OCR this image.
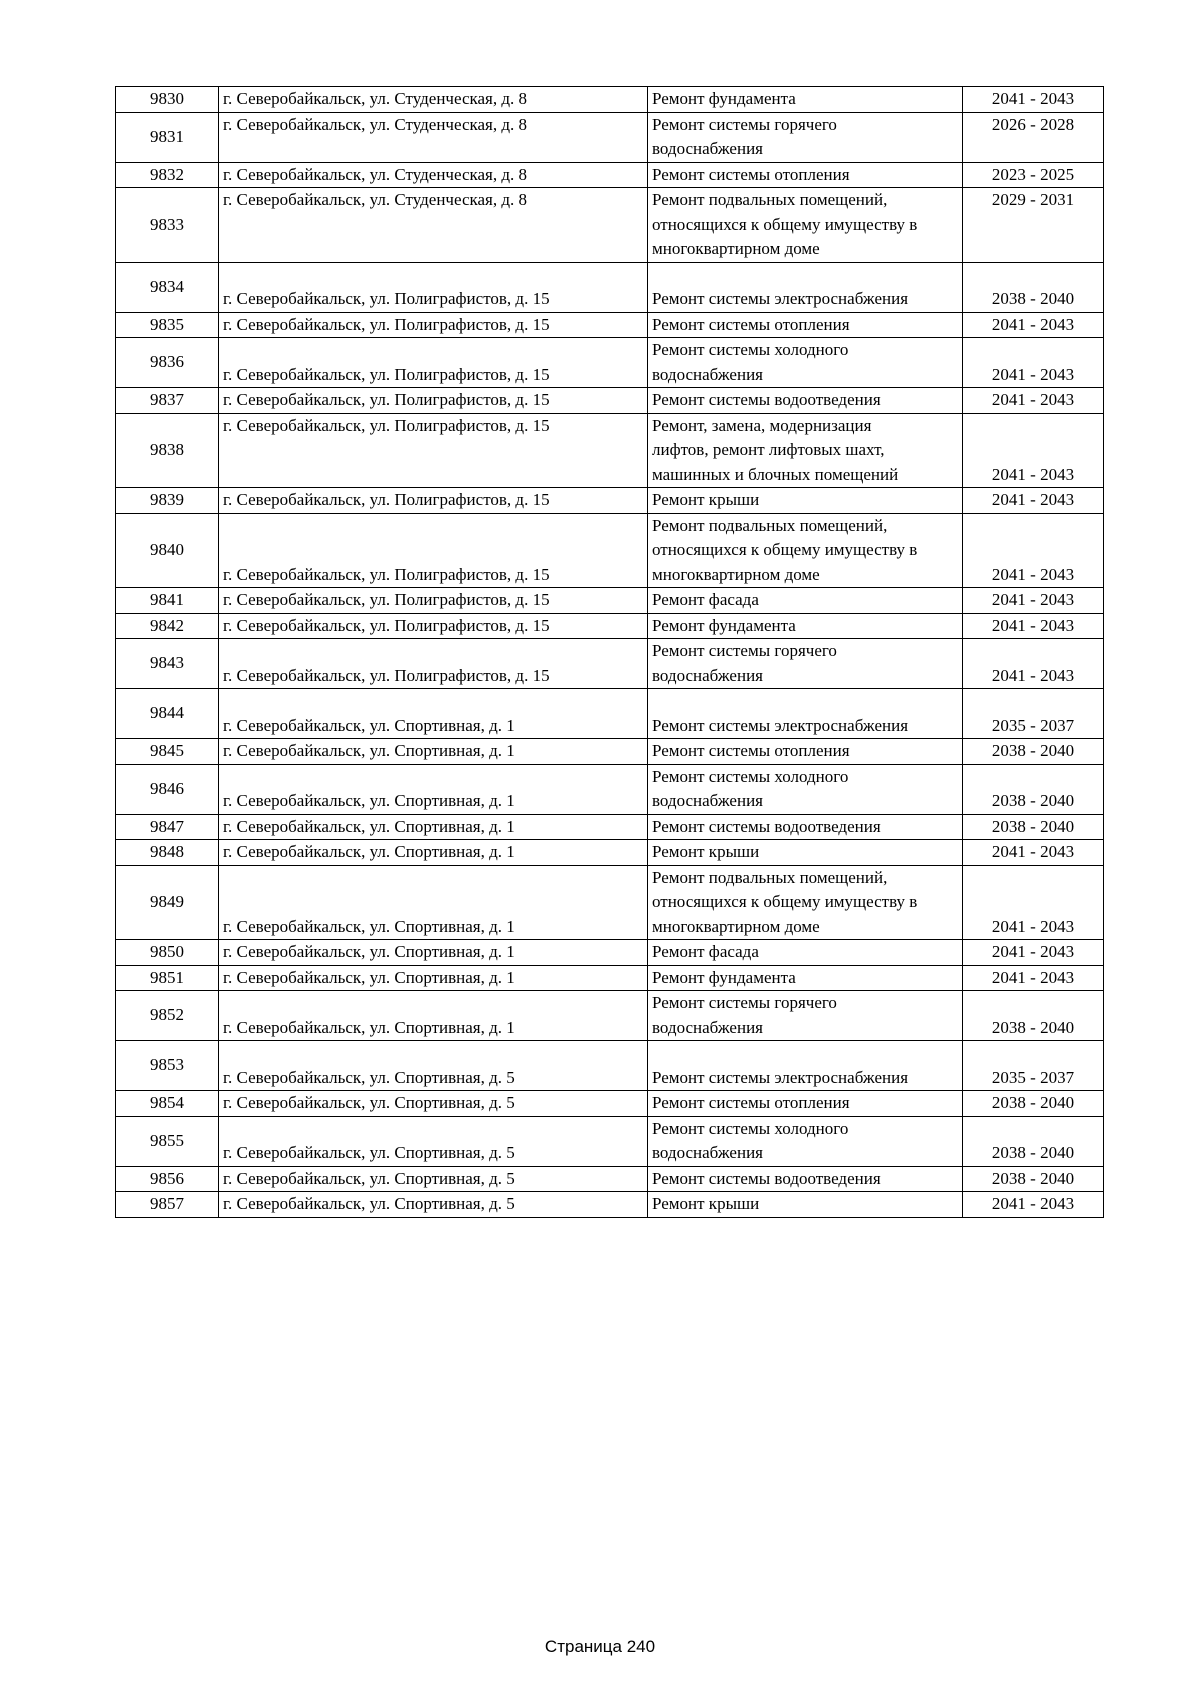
9830	г. Северобайкальск, ул. Студенческая, д. 8	Ремонт фундамента	2041 - 2043
9831	г. Северобайкальск, ул. Студенческая, д. 8	Ремонт системы горячего
водоснабжения	2026 - 2028
9832	г. Северобайкальск, ул. Студенческая, д. 8	Ремонт системы отопления	2023 - 2025
9833	г. Северобайкальск, ул. Студенческая, д. 8	Ремонт подвальных помещений,
относящихся к общему имуществу в
многоквартирном доме	2029 - 2031
9834	г. Северобайкальск, ул. Полиграфистов, д. 15	Ремонт системы электроснабжения	2038 - 2040
9835	г. Северобайкальск, ул. Полиграфистов, д. 15	Ремонт системы отопления	2041 - 2043
9836	г. Северобайкальск, ул. Полиграфистов, д. 15	Ремонт системы холодного
водоснабжения	2041 - 2043
9837	г. Северобайкальск, ул. Полиграфистов, д. 15	Ремонт системы водоотведения	2041 - 2043
9838	г. Северобайкальск, ул. Полиграфистов, д. 15	Ремонт, замена, модернизация
лифтов, ремонт лифтовых шахт,
машинных и блочных помещений	2041 - 2043
9839	г. Северобайкальск, ул. Полиграфистов, д. 15	Ремонт крыши	2041 - 2043
9840	г. Северобайкальск, ул. Полиграфистов, д. 15	Ремонт подвальных помещений,
относящихся к общему имуществу в
многоквартирном доме	2041 - 2043
9841	г. Северобайкальск, ул. Полиграфистов, д. 15	Ремонт фасада	2041 - 2043
9842	г. Северобайкальск, ул. Полиграфистов, д. 15	Ремонт фундамента	2041 - 2043
9843	г. Северобайкальск, ул. Полиграфистов, д. 15	Ремонт системы горячего
водоснабжения	2041 - 2043
9844	г. Северобайкальск, ул. Спортивная, д. 1	Ремонт системы электроснабжения	2035 - 2037
9845	г. Северобайкальск, ул. Спортивная, д. 1	Ремонт системы отопления	2038 - 2040
9846	г. Северобайкальск, ул. Спортивная, д. 1	Ремонт системы холодного
водоснабжения	2038 - 2040
9847	г. Северобайкальск, ул. Спортивная, д. 1	Ремонт системы водоотведения	2038 - 2040
9848	г. Северобайкальск, ул. Спортивная, д. 1	Ремонт крыши	2041 - 2043
9849	г. Северобайкальск, ул. Спортивная, д. 1	Ремонт подвальных помещений,
относящихся к общему имуществу в
многоквартирном доме	2041 - 2043
9850	г. Северобайкальск, ул. Спортивная, д. 1	Ремонт фасада	2041 - 2043
9851	г. Северобайкальск, ул. Спортивная, д. 1	Ремонт фундамента	2041 - 2043
9852	г. Северобайкальск, ул. Спортивная, д. 1	Ремонт системы горячего
водоснабжения	2038 - 2040
9853	г. Северобайкальск, ул. Спортивная, д. 5	Ремонт системы электроснабжения	2035 - 2037
9854	г. Северобайкальск, ул. Спортивная, д. 5	Ремонт системы отопления	2038 - 2040
9855	г. Северобайкальск, ул. Спортивная, д. 5	Ремонт системы холодного
водоснабжения	2038 - 2040
9856	г. Северобайкальск, ул. Спортивная, д. 5	Ремонт системы водоотведения	2038 - 2040
9857	г. Северобайкальск, ул. Спортивная, д. 5	Ремонт крыши	2041 - 2043
Страница 240
